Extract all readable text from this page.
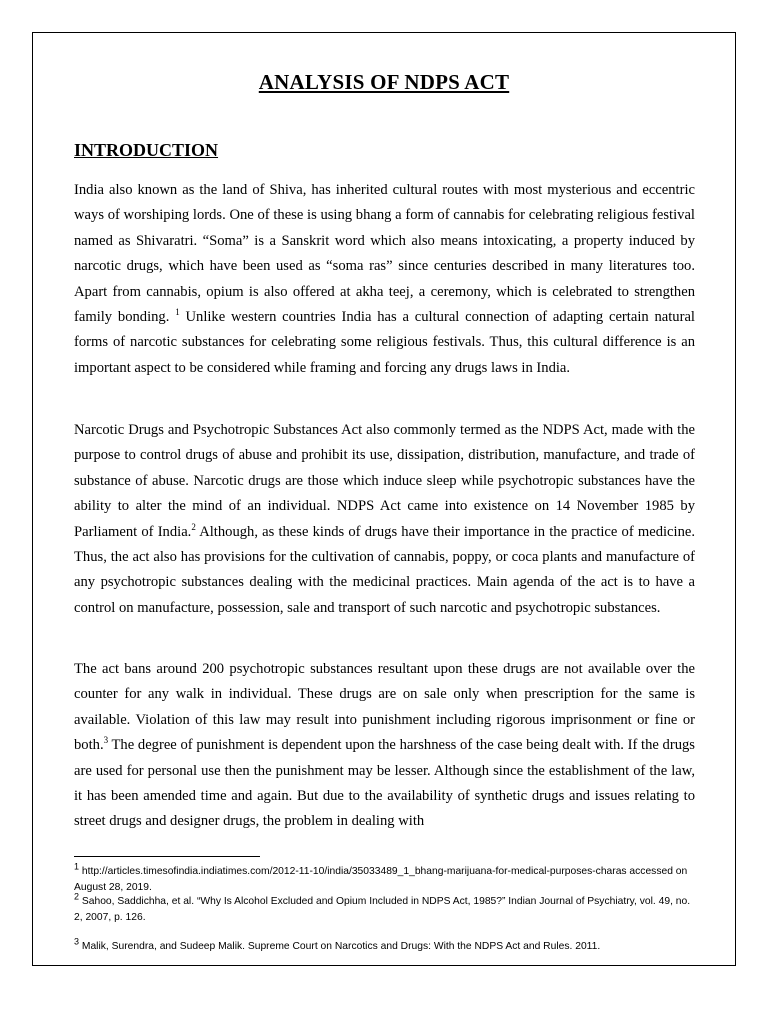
ANALYSIS OF NDPS ACT
INTRODUCTION

India also known as the land of Shiva, has inherited cultural routes with most mysterious and eccentric ways of worshiping lords. One of these is using bhang a form of cannabis for celebrating religious festival named as Shivaratri. “Soma” is a Sanskrit word which also means intoxicating, a property induced by narcotic drugs, which have been used as “soma ras” since centuries described in many literatures too. Apart from cannabis, opium is also offered at akha teej, a ceremony, which is celebrated to strengthen family bonding. $^1$ Unlike western countries India has a cultural connection of adapting certain natural forms of narcotic substances for celebrating some religious festivals. Thus, this cultural difference is an important aspect to be considered while framing and forcing any drugs laws in India.

Narcotic Drugs and Psychotropic Substances Act also commonly termed as the NDPS Act, made with the purpose to control drugs of abuse and prohibit its use, dissipation, distribution, manufacture, and trade of substance of abuse. Narcotic drugs are those which induce sleep while psychotropic substances have the ability to alter the mind of an individual. NDPS Act came into existence on 14 November 1985 by Parliament of India.$^2$ Although, as these kinds of drugs have their importance in the practice of medicine. Thus, the act also has provisions for the cultivation of cannabis, poppy, or coca plants and manufacture of any psychotropic substances dealing with the medicinal practices. Main agenda of the act is to have a control on manufacture, possession, sale and transport of such narcotic and psychotropic substances.

The act bans around 200 psychotropic substances resultant upon these drugs are not available over the counter for any walk in individual. These drugs are on sale only when prescription for the same is available. Violation of this law may result into punishment including rigorous imprisonment or fine or both.$^3$ The degree of punishment is dependent upon the harshness of the case being dealt with. If the drugs are used for personal use then the punishment may be lesser. Although since the establishment of the law, it has been amended time and again. But due to the availability of synthetic drugs and issues relating to street drugs and designer drugs, the problem in dealing with

$^1$ http://articles.timesofindia.indiatimes.com/2012-11-10/india/35033489_1_bhang-marijuana-for-medical-purposes-charas accessed on August 28, 2019.

$^2$ Sahoo, Saddichha, et al. “Why Is Alcohol Excluded and Opium Included in NDPS Act, 1985?” Indian Journal of Psychiatry, vol. 49, no. 2, 2007, p. 126.

$^3$ Malik, Surendra, and Sudeep Malik. Supreme Court on Narcotics and Drugs: With the NDPS Act and Rules. 2011.
